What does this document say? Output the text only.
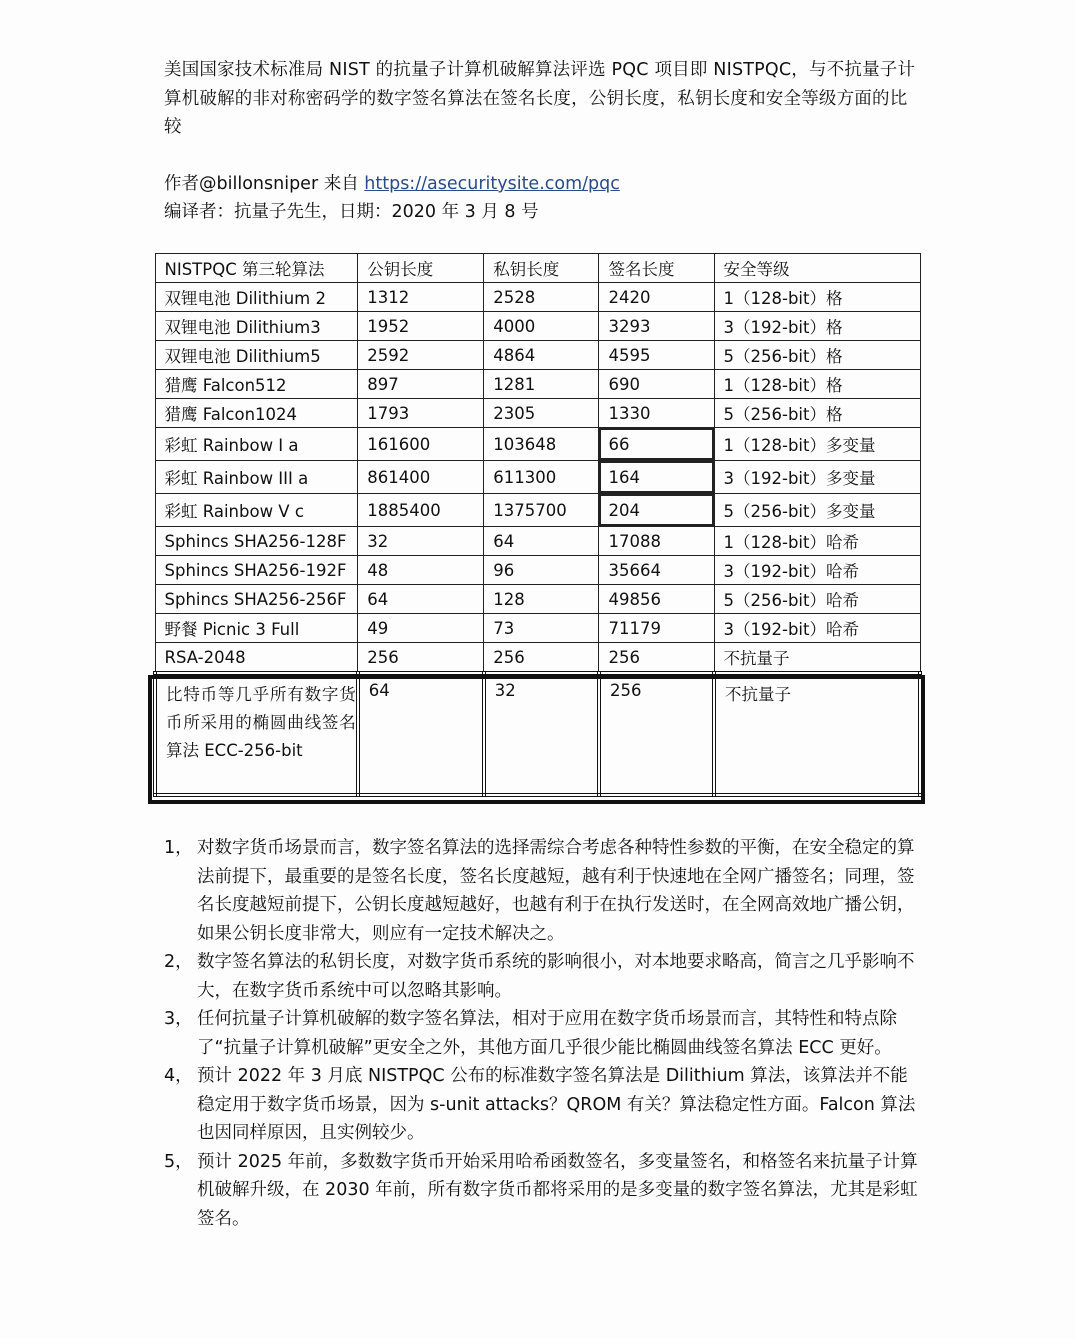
美国国家技术标准局 NIST 的抗量子计算机破解算法评选 PQC 项目即 NISTPQC，与不抗量子计算机破解的非对称密码学的数字签名算法在签名长度，公钥长度，私钥长度和安全等级方面的比较
作者@billonsniper 来自 https://asecuritysite.com/pqc
编译者：抗量子先生，日期：2020 年 3 月 8 号
NISTPQC 第三轮算法	公钥长度	私钥长度	签名长度	安全等级
双锂电池 Dilithium 2	1312	2528	2420	1（128-bit）格
双锂电池 Dilithium3	1952	4000	3293	3（192-bit）格
双锂电池 Dilithium5	2592	4864	4595	5（256-bit）格
猎鹰 Falcon512	897	1281	690	1（128-bit）格
猎鹰 Falcon1024	1793	2305	1330	5（256-bit）格
彩虹 Rainbow I a	161600	103648	66	1（128-bit）多变量
彩虹 Rainbow III a	861400	611300	164	3（192-bit）多变量
彩虹 Rainbow V c	1885400	1375700	204	5（256-bit）多变量
Sphincs SHA256-128F	32	64	17088	1（128-bit）哈希
Sphincs SHA256-192F	48	96	35664	3（192-bit）哈希
Sphincs SHA256-256F	64	128	49856	5（256-bit）哈希
野餐 Picnic 3 Full	49	73	71179	3（192-bit）哈希
RSA-2048	256	256	256	不抗量子
比特币等几乎所有数字货币所采用的椭圆曲线签名算法 ECC-256-bit	64	32	256	不抗量子
1， 对数字货币场景而言，数字签名算法的选择需综合考虑各种特性参数的平衡，在安全稳定的算法前提下，最重要的是签名长度，签名长度越短，越有利于快速地在全网广播签名；同理，签名长度越短前提下，公钥长度越短越好，也越有利于在执行发送时，在全网高效地广播公钥，如果公钥长度非常大，则应有一定技术解决之。
2， 数字签名算法的私钥长度，对数字货币系统的影响很小，对本地要求略高，简言之几乎影响不大，在数字货币系统中可以忽略其影响。
3， 任何抗量子计算机破解的数字签名算法，相对于应用在数字货币场景而言，其特性和特点除了“抗量子计算机破解”更安全之外，其他方面几乎很少能比椭圆曲线签名算法 ECC 更好。
4， 预计 2022 年 3 月底 NISTPQC 公布的标准数字签名算法是 Dilithium 算法，该算法并不能稳定用于数字货币场景，因为 s-unit attacks？QROM 有关？算法稳定性方面。Falcon 算法也因同样原因，且实例较少。
5， 预计 2025 年前，多数数字货币开始采用哈希函数签名，多变量签名，和格签名来抗量子计算机破解升级，在 2030 年前，所有数字货币都将采用的是多变量的数字签名算法，尤其是彩虹签名。
